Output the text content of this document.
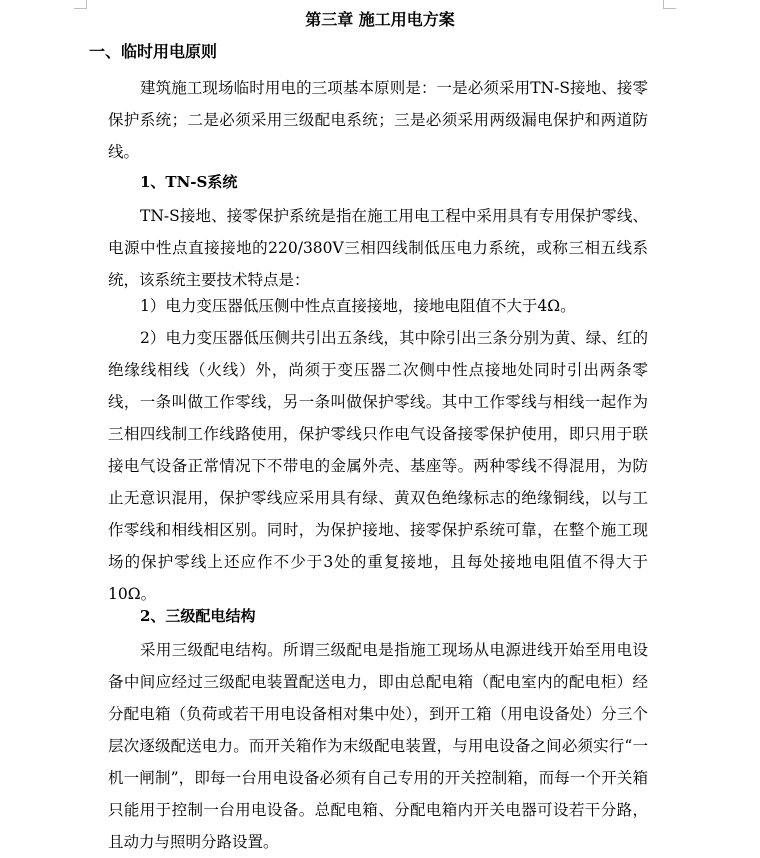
第三章 施工用电方案
一、临时用电原则
建筑施工现场临时用电的三项基本原则是：一是必须采用TN-S接地、接零保护系统；二是必须采用三级配电系统；三是必须采用两级漏电保护和两道防线。
1、TN-S系统
TN-S接地、接零保护系统是指在施工用电工程中采用具有专用保护零线、电源中性点直接接地的220/380V三相四线制低压电力系统，或称三相五线系统，该系统主要技术特点是：
1）电力变压器低压侧中性点直接接地，接地电阻值不大于4Ω。
2）电力变压器低压侧共引出五条线，其中除引出三条分别为黄、绿、红的绝缘线相线（火线）外，尚须于变压器二次侧中性点接地处同时引出两条零线，一条叫做工作零线，另一条叫做保护零线。其中工作零线与相线一起作为三相四线制工作线路使用，保护零线只作电气设备接零保护使用，即只用于联接电气设备正常情况下不带电的金属外壳、基座等。两种零线不得混用，为防止无意识混用，保护零线应采用具有绿、黄双色绝缘标志的绝缘铜线，以与工作零线和相线相区别。同时，为保护接地、接零保护系统可靠，在整个施工现场的保护零线上还应作不少于3处的重复接地，且每处接地电阻值不得大于10Ω。
2、三级配电结构
采用三级配电结构。所谓三级配电是指施工现场从电源进线开始至用电设备中间应经过三级配电装置配送电力，即由总配电箱（配电室内的配电柜）经分配电箱（负荷或若干用电设备相对集中处），到开工箱（用电设备处）分三个层次逐级配送电力。而开关箱作为末级配电装置，与用电设备之间必须实行“一机一闸制”，即每一台用电设备必须有自己专用的开关控制箱，而每一个开关箱只能用于控制一台用电设备。总配电箱、分配电箱内开关电器可设若干分路，且动力与照明分路设置。
